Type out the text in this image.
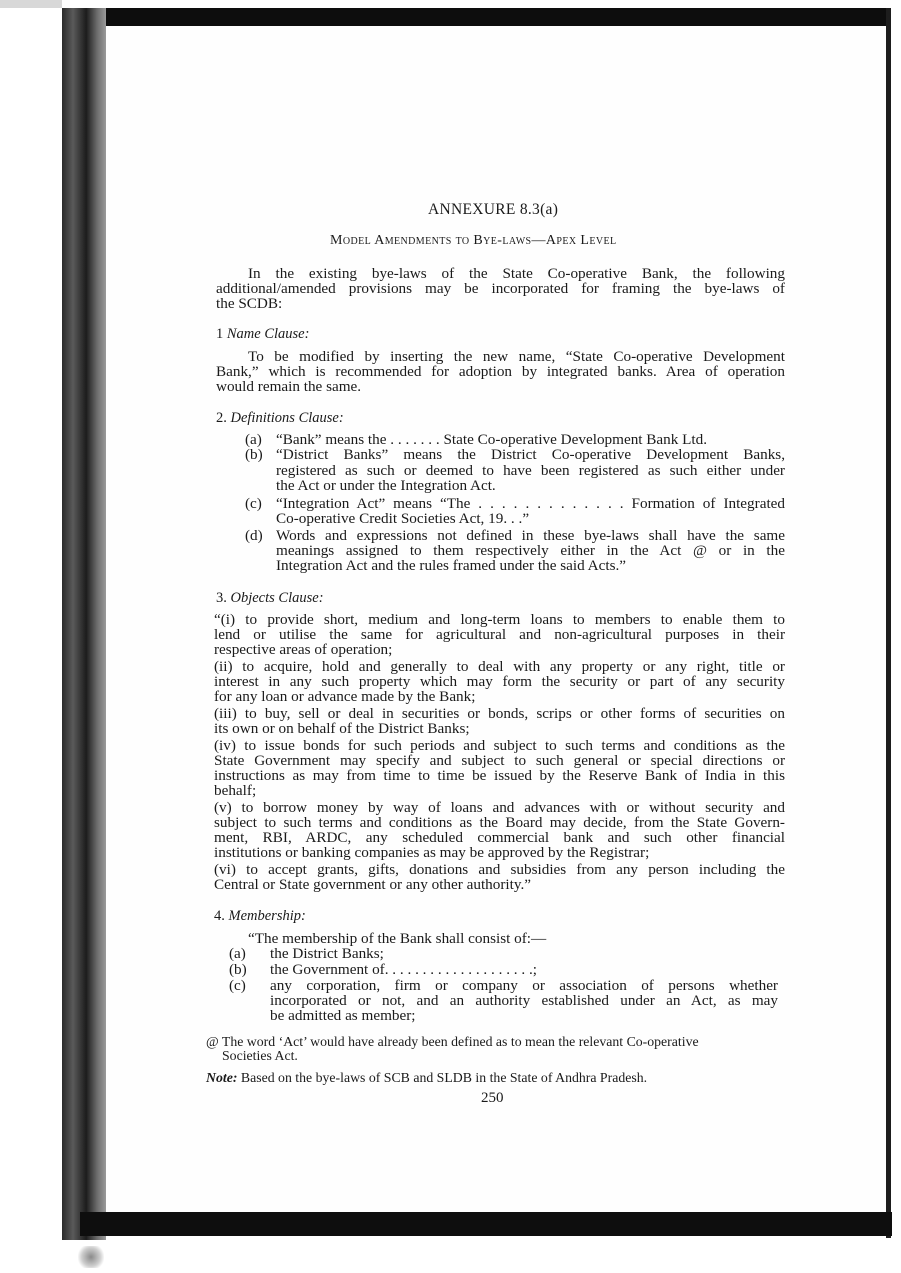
ANNEXURE 8.3(a)
Model Amendments to Bye-laws—Apex Level
In the existing bye-laws of the State Co-operative Bank, the following
additional/amended provisions may be incorporated for framing the bye-laws of
the SCDB:
1 Name Clause:
To be modified by inserting the new name, “State Co-operative Development
Bank,” which is recommended for adoption by integrated banks. Area of operation
would remain the same.
2. Definitions Clause:
(a) “Bank” means the . . . . . . . State Co-operative Development Bank Ltd.
(b) “District Banks” means the District Co-operative Development Banks,
registered as such or deemed to have been registered as such either under
the Act or under the Integration Act.
(c) “Integration Act” means “The . . . . . . . . . . . . . Formation of Integrated
Co-operative Credit Societies Act, 19. . .”
(d) Words and expressions not defined in these bye-laws shall have the same
meanings assigned to them respectively either in the Act @ or in the
Integration Act and the rules framed under the said Acts.”
3. Objects Clause:
“(i) to provide short, medium and long-term loans to members to enable them to
lend or utilise the same for agricultural and non-agricultural purposes in their
respective areas of operation;
(ii) to acquire, hold and generally to deal with any property or any right, title or
interest in any such property which may form the security or part of any security
for any loan or advance made by the Bank;
(iii) to buy, sell or deal in securities or bonds, scrips or other forms of securities on
its own or on behalf of the District Banks;
(iv) to issue bonds for such periods and subject to such terms and conditions as the
State Government may specify and subject to such general or special directions or
instructions as may from time to time be issued by the Reserve Bank of India in this
behalf;
(v) to borrow money by way of loans and advances with or without security and
subject to such terms and conditions as the Board may decide, from the State Govern-
ment, RBI, ARDC, any scheduled commercial bank and such other financial
institutions or banking companies as may be approved by the Registrar;
(vi) to accept grants, gifts, donations and subsidies from any person including the
Central or State government or any other authority.”
4. Membership:
“The membership of the Bank shall consist of:—
(a) the District Banks;
(b) the Government of. . . . . . . . . . . . . . . . . . . .;
(c) any corporation, firm or company or association of persons whether
incorporated or not, and an authority established under an Act, as may
be admitted as member;
@ The word ‘Act’ would have already been defined as to mean the relevant Co-operative
Societies Act.
Note: Based on the bye-laws of SCB and SLDB in the State of Andhra Pradesh.
250
